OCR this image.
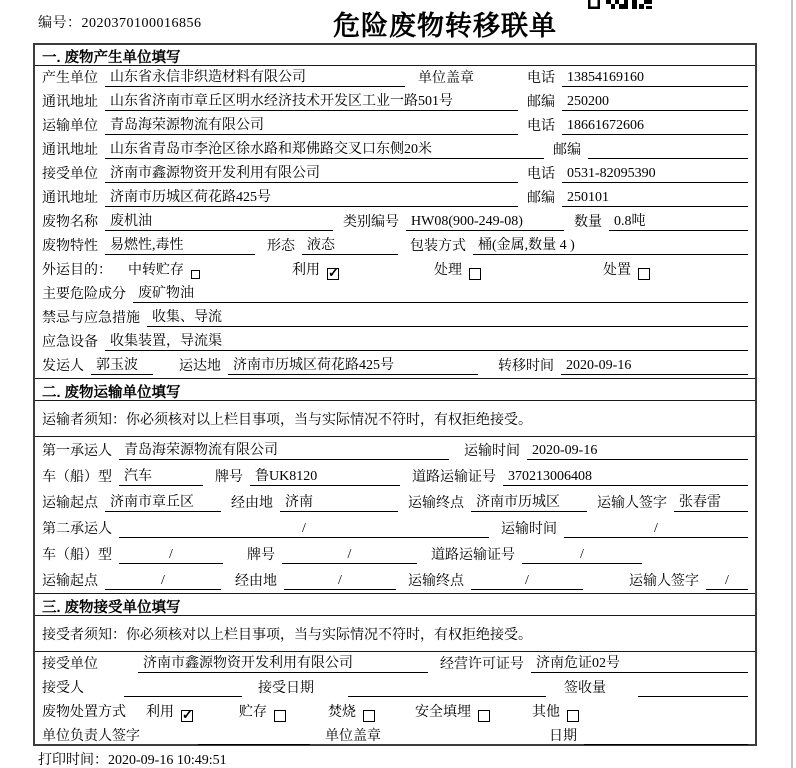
编号：2020370100016856	危险废物转移联单
一. 废物产生单位填写
产生单位 山东省永信非织造材料有限公司	单位盖章	电话 13854169160
通讯地址 山东省济南市章丘区明水经济技术开发区工业一路501号	邮编 250200
运输单位 青岛海荣源物流有限公司	电话 18661672606
通讯地址 山东省青岛市李沧区徐水路和郑佛路交叉口东侧20米	邮编
接受单位 济南市鑫源物资开发利用有限公司	电话 0531-82095390
通讯地址 济南市历城区荷花路425号	邮编 250101
废物名称 废机油	类别编号 HW08(900-249-08)	数量 0.8吨
废物特性 易燃性,毒性	形态 液态	包装方式 桶(金属,数量 4 )
外运目的： 中转贮存	利用 ✓	处理	处置
主要危险成分 废矿物油
禁忌与应急措施 收集、导流
应急设备 收集装置，导流渠
发运人 郭玉波	运达地 济南市历城区荷花路425号	转移时间 2020-09-16
二. 废物运输单位填写
运输者须知：你必须核对以上栏目事项，当与实际情况不符时，有权拒绝接受。
第一承运人 青岛海荣源物流有限公司	运输时间 2020-09-16
车（船）型 汽车	牌号 鲁UK8120	道路运输证号 370213006408
运输起点 济南市章丘区	经由地 济南	运输终点 济南市历城区	运输人签字 张春雷
第二承运人	/	运输时间	/
车（船）型	/	牌号	/	道路运输证号	/
运输起点	/	经由地	/	运输终点	/	运输人签字	/
三. 废物接受单位填写
接受者须知：你必须核对以上栏目事项，当与实际情况不符时，有权拒绝接受。
接受单位	济南市鑫源物资开发利用有限公司	经营许可证号 济南危证02号
接受人	接受日期	签收量
废物处置方式 利用 ✓	贮存	焚烧	安全填埋	其他
单位负责人签字	单位盖章	日期
打印时间：2020-09-16 10:49:51
